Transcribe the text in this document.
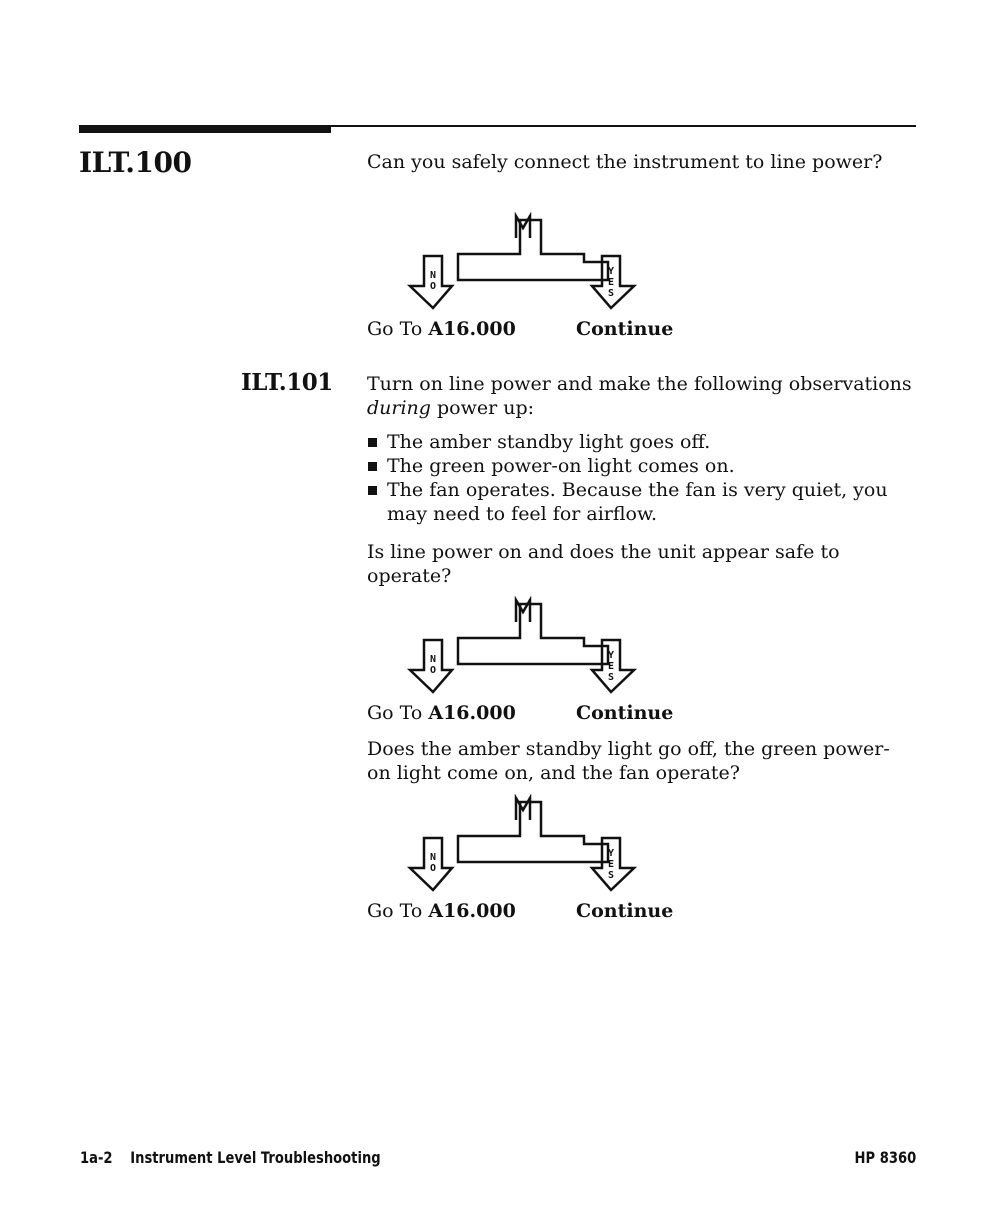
ILT.100	Can you safely connect the instrument to line power?

N
O
Y
E
S
Go To A16.000	Continue
ILT.101 Turn on line power and make the following observations during power up:

The amber standby light goes off.
The green power-on light comes on.
The fan operates. Because the fan is very quiet, you may need to feel for airflow.

Is line power on and does the unit appear safe to operate?

N
O
Y
E
S
Go To A16.000	Continue

Does the amber standby light go off, the green power-on light come on, and the fan operate?

N
O
Y
E
S
Go To A16.000	Continue
1a-2 Instrument Level Troubleshooting	HP 8360
